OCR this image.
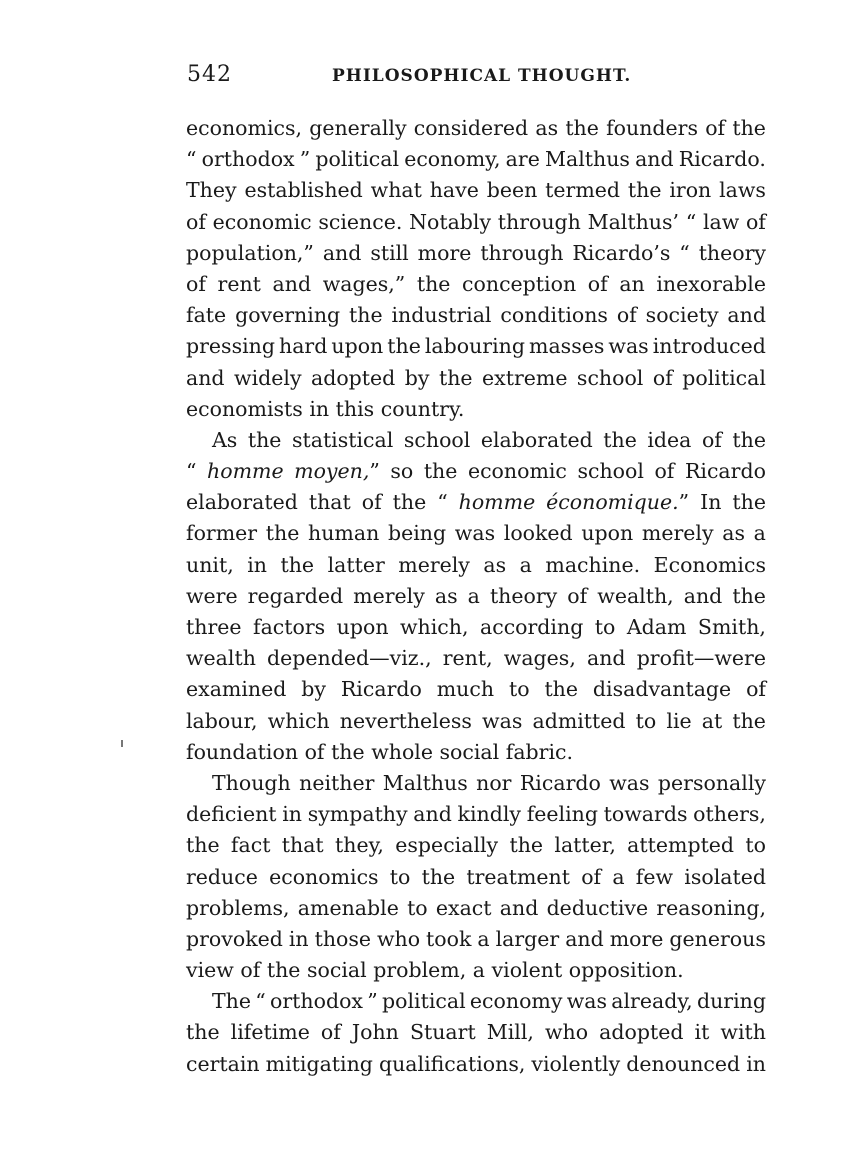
542	PHILOSOPHICAL THOUGHT.
economics, generally considered as the founders of the
“ orthodox ” political economy, are Malthus and Ricardo.
They established what have been termed the iron laws
of economic science. Notably through Malthus’ “ law of
population,” and still more through Ricardo’s “ theory
of rent and wages,” the conception of an inexorable
fate governing the industrial conditions of society and
pressing hard upon the labouring masses was introduced
and widely adopted by the extreme school of political
economists in this country.
As the statistical school elaborated the idea of the
“ homme moyen,” so the economic school of Ricardo
elaborated that of the “ homme économique.” In the
former the human being was looked upon merely as a
unit, in the latter merely as a machine. Economics
were regarded merely as a theory of wealth, and the
three factors upon which, according to Adam Smith,
wealth depended—viz., rent, wages, and profit—were
examined by Ricardo much to the disadvantage of
labour, which nevertheless was admitted to lie at the
foundation of the whole social fabric.
Though neither Malthus nor Ricardo was personally
deficient in sympathy and kindly feeling towards others,
the fact that they, especially the latter, attempted to
reduce economics to the treatment of a few isolated
problems, amenable to exact and deductive reasoning,
provoked in those who took a larger and more generous
view of the social problem, a violent opposition.
The “ orthodox ” political economy was already, during
the lifetime of John Stuart Mill, who adopted it with
certain mitigating qualifications, violently denounced in
